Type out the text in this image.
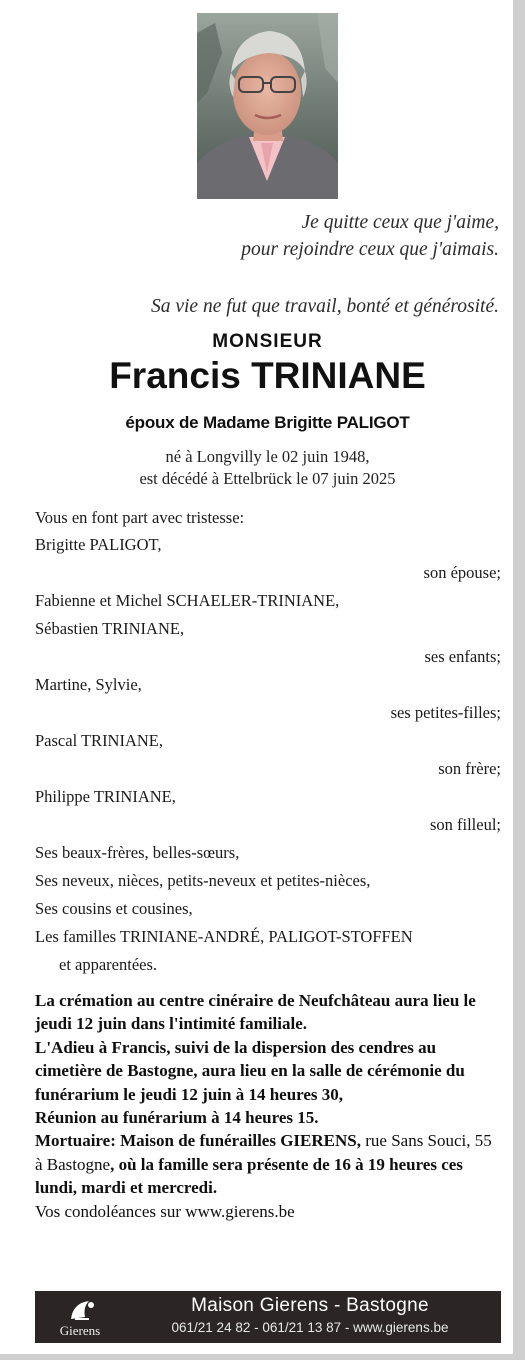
Je quitte ceux que j'aime,
pour rejoindre ceux que j'aimais.
Sa vie ne fut que travail, bonté et générosité.
MONSIEUR
Francis TRINIANE
époux de Madame Brigitte PALIGOT
né à Longvilly le 02 juin 1948,
est décédé à Ettelbrück le 07 juin 2025
Vous en font part avec tristesse:
Brigitte PALIGOT,
son épouse;
Fabienne et Michel SCHAELER-TRINIANE,
Sébastien TRINIANE,
ses enfants;
Martine, Sylvie,
ses petites-filles;
Pascal TRINIANE,
son frère;
Philippe TRINIANE,
son filleul;
Ses beaux-frères, belles-sœurs,
Ses neveux, nièces, petits-neveux et petites-nièces,
Ses cousins et cousines,
Les familles TRINIANE-ANDRÉ, PALIGOT-STOFFEN
et apparentées.
La crémation au centre cinéraire de Neufchâteau aura lieu le jeudi 12 juin dans l'intimité familiale.
L'Adieu à Francis, suivi de la dispersion des cendres au cimetière de Bastogne, aura lieu en la salle de cérémonie du funérarium le jeudi 12 juin à 14 heures 30,
Réunion au funérarium à 14 heures 15.
Mortuaire: Maison de funérailles GIERENS, rue Sans Souci, 55 à Bastogne, où la famille sera présente de 16 à 19 heures ces lundi, mardi et mercredi.
Vos condoléances sur www.gierens.be
Gierens
Maison Gierens - Bastogne
061/21 24 82 - 061/21 13 87 - www.gierens.be
